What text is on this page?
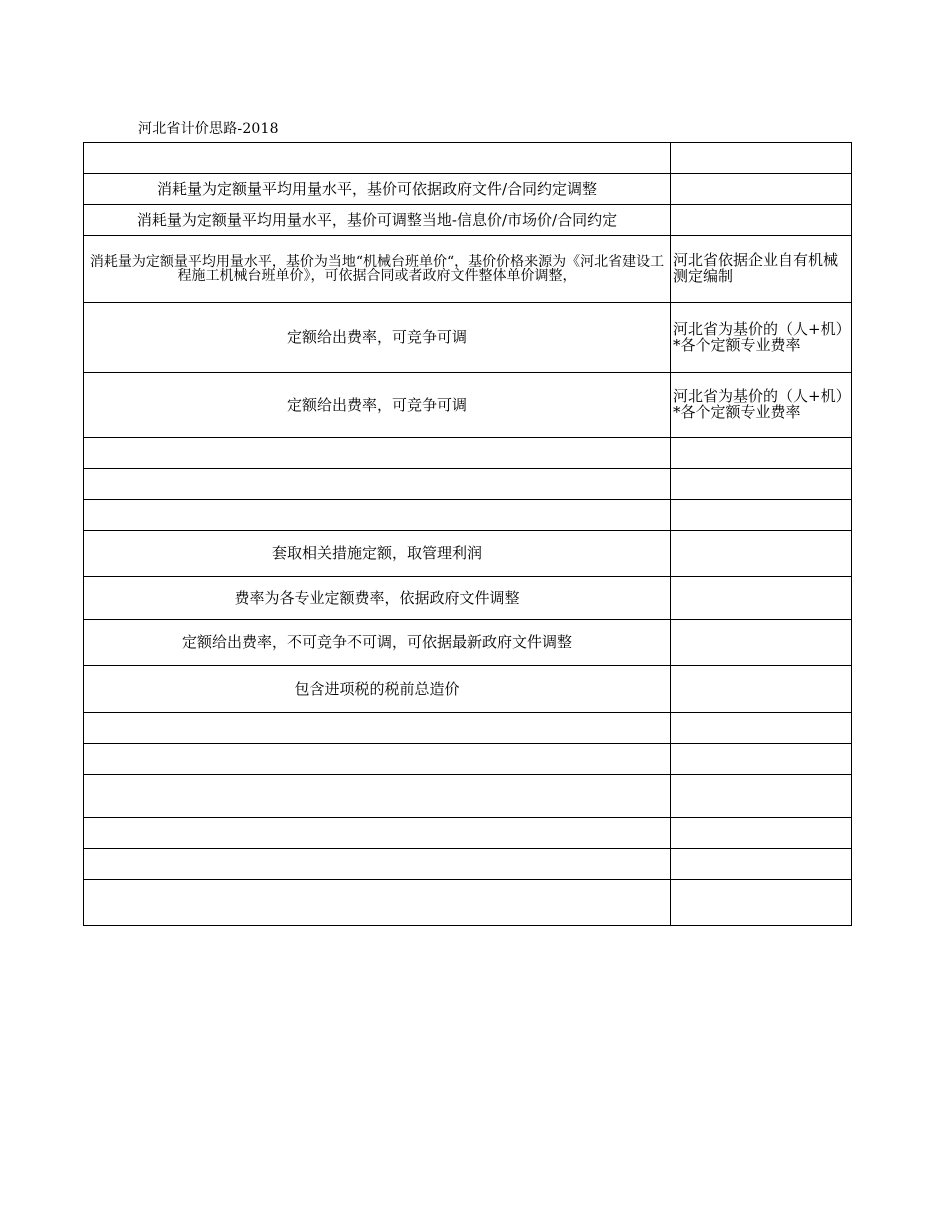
河北省计价思路-2018

消耗量为定额量平均用量水平，基价可依据政府文件/合同约定调整	
消耗量为定额量平均用量水平，基价可调整当地-信息价/市场价/合同约定	
消耗量为定额量平均用量水平，基价为当地“机械台班单价“，基价价格来源为《河北省建设工程施工机械台班单价》，可依据合同或者政府文件整体单价调整，	河北省依据企业自有机械测定编制
定额给出费率，可竞争可调	河北省为基价的（人+机）*各个定额专业费率
定额给出费率，可竞争可调	河北省为基价的（人+机）*各个定额专业费率

套取相关措施定额，取管理利润	
费率为各专业定额费率，依据政府文件调整	
定额给出费率，不可竞争不可调，可依据最新政府文件调整	
包含进项税的税前总造价	
